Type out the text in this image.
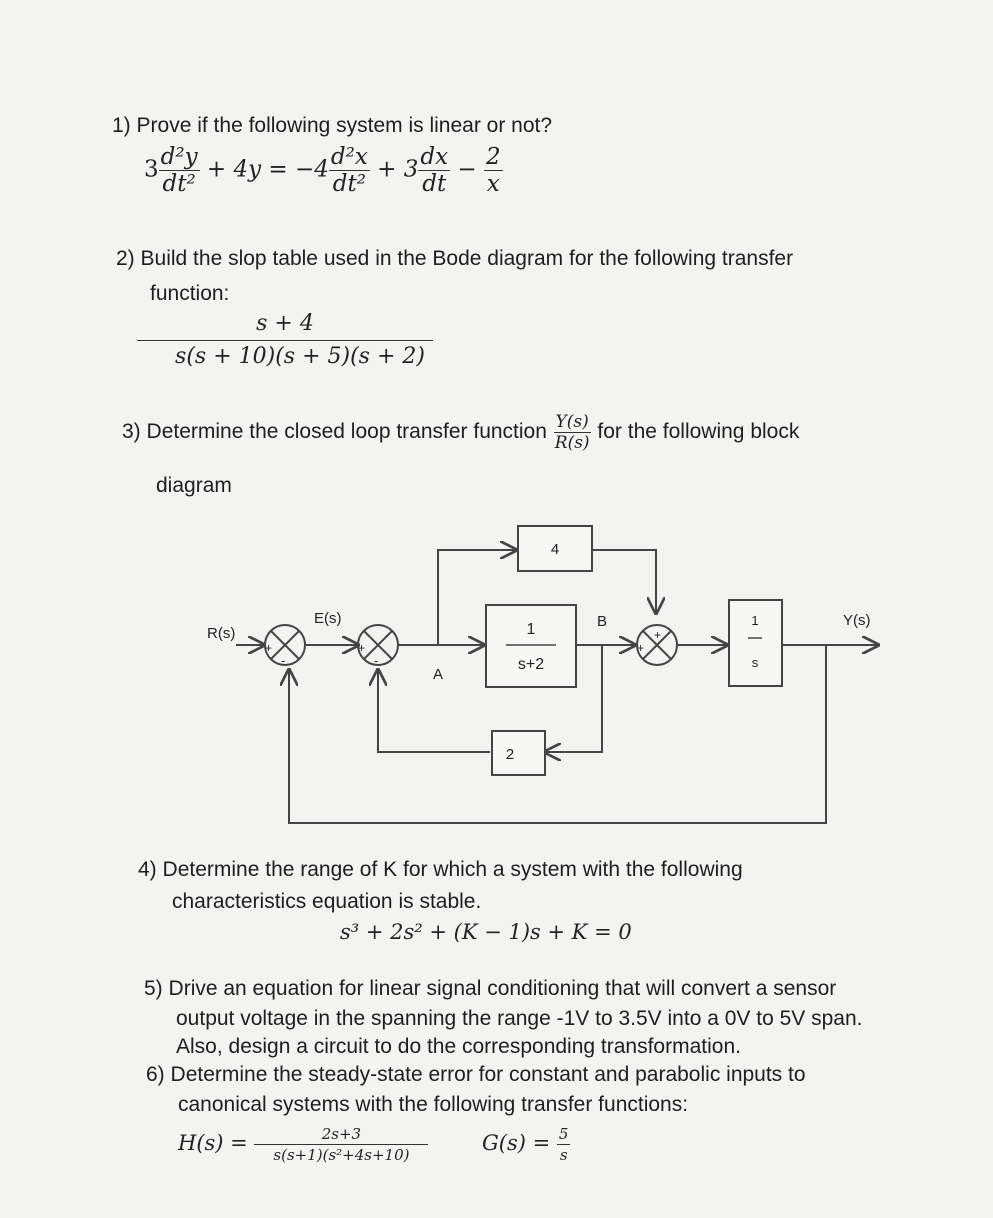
1) Prove if the following system is linear or not?
$3 \frac{\text{d²y}}{\text{dt²}} + 4y = -4 \frac{\text{d²x}}{\text{dt²}} + 3 \frac{dx}{dt} - \frac{2}{x}$
2) Build the slop table used in the Bode diagram for the following transfer
function:
$\frac{s + 4}{s(s + 10)(s + 5)(s + 2)}$
3) Determine the closed loop transfer function $\frac{Y(s)}{R(s)}$ for the following block
diagram
+
-
+
-
+
+
4
1
s+2
1
s
2
R(s)
E(s)
A
B	Y(s)
4) Determine the range of K for which a system with the following
characteristics equation is stable.
s³ + 2s² + (K − 1)s + K = 0
5) Drive an equation for linear signal conditioning that will convert a sensor
output voltage in the spanning the range -1V to 3.5V into a 0V to 5V span.
Also, design a circuit to do the corresponding transformation.
6) Determine the steady-state error for constant and parabolic inputs to
canonical systems with the following transfer functions:
$H(s) = \frac{2s+3}{\text{s(s+1)(s²+4s+10)}}$	$G(s) = \frac{5}{s}$
